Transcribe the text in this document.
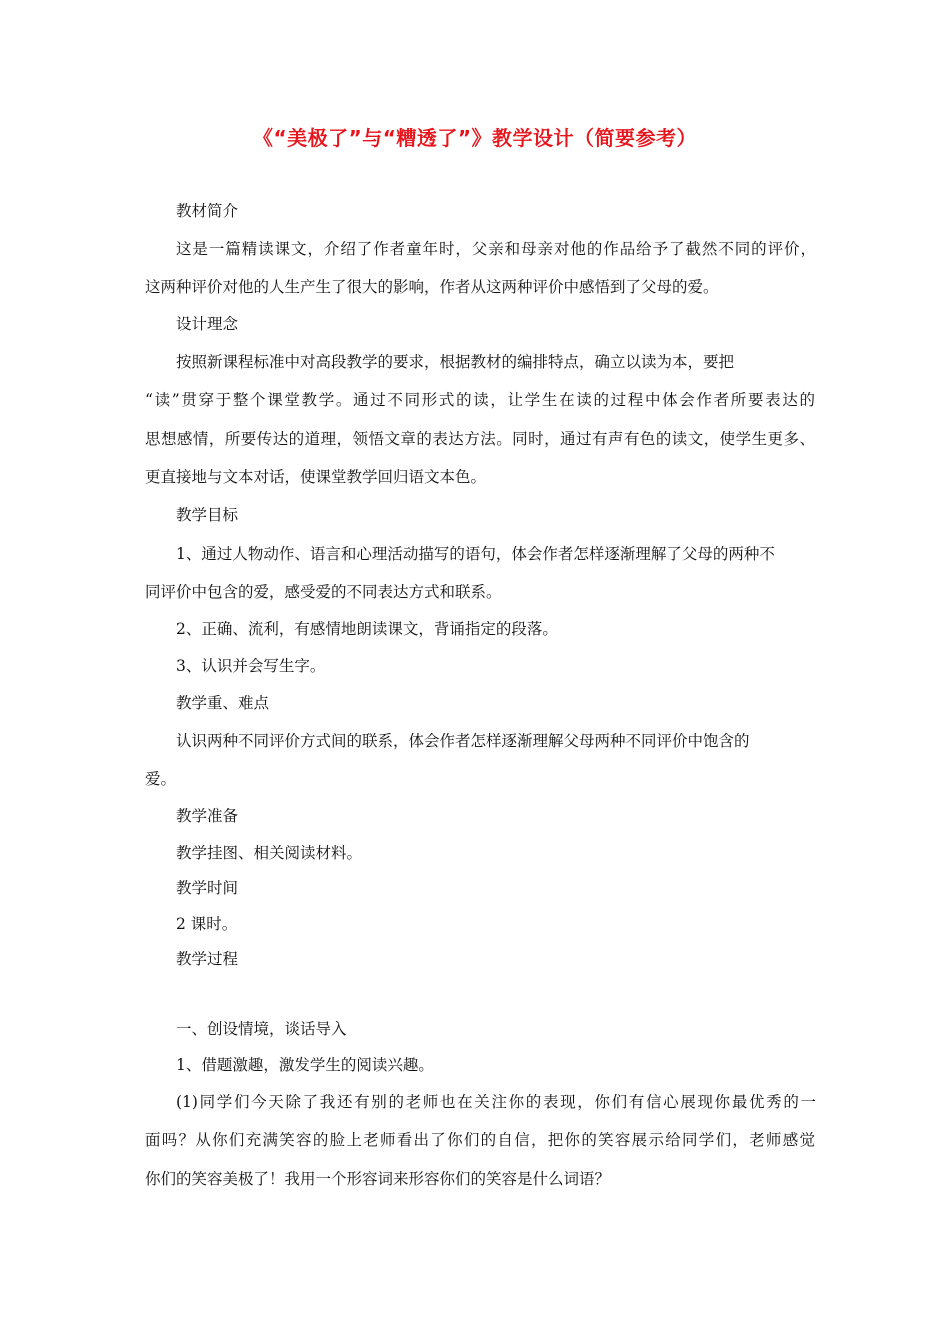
《“美极了”与“糟透了”》教学设计（简要参考）
教材简介
这是一篇精读课文，介绍了作者童年时，父亲和母亲对他的作品给予了截然不同的评价，
这两种评价对他的人生产生了很大的影响，作者从这两种评价中感悟到了父母的爱。
设计理念
按照新课程标准中对高段教学的要求，根据教材的编排特点，确立以读为本，要把
“读”贯穿于整个课堂教学。通过不同形式的读，让学生在读的过程中体会作者所要表达的
思想感情，所要传达的道理，领悟文章的表达方法。同时，通过有声有色的读文，使学生更多、
更直接地与文本对话，使课堂教学回归语文本色。
教学目标
1、通过人物动作、语言和心理活动描写的语句，体会作者怎样逐渐理解了父母的两种不
同评价中包含的爱，感受爱的不同表达方式和联系。
2、正确、流利，有感情地朗读课文，背诵指定的段落。
3、认识并会写生字。
教学重、难点
认识两种不同评价方式间的联系，体会作者怎样逐渐理解父母两种不同评价中饱含的
爱。
教学准备
教学挂图、相关阅读材料。
教学时间
2 课时。
教学过程
一、创设情境，谈话导入
1、借题激趣，激发学生的阅读兴趣。
(1)同学们今天除了我还有别的老师也在关注你的表现，你们有信心展现你最优秀的一
面吗？从你们充满笑容的脸上老师看出了你们的自信，把你的笑容展示给同学们，老师感觉
你们的笑容美极了！我用一个形容词来形容你们的笑容是什么词语？
